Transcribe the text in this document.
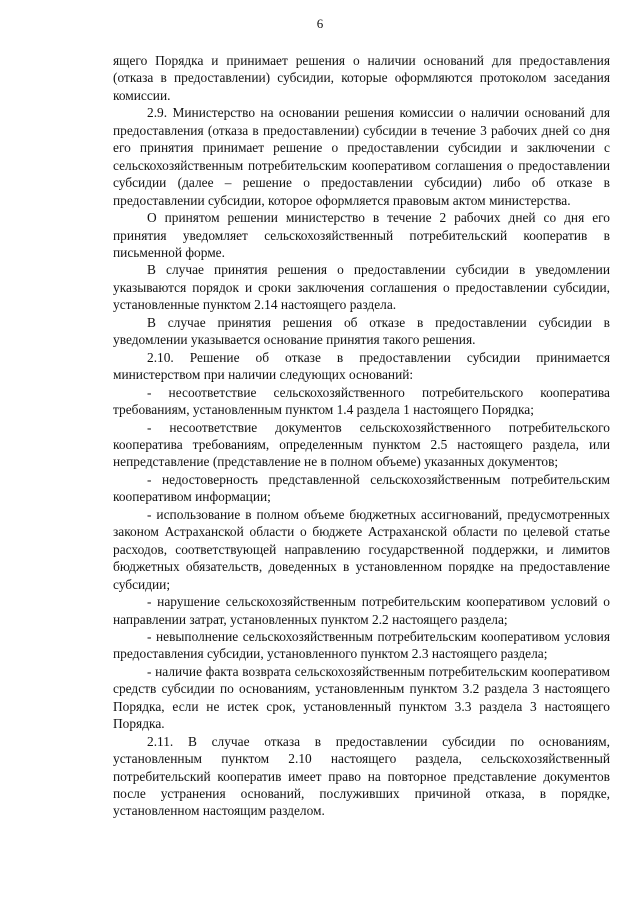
6

ящего Порядка и принимает решения о наличии оснований для предоставления (отказа в предоставлении) субсидии, которые оформляются протоколом заседания комиссии.

2.9. Министерство на основании решения комиссии о наличии оснований для предоставления (отказа в предоставлении) субсидии в течение 3 рабочих дней со дня его принятия принимает решение о предоставлении субсидии и заключении с сельскохозяйственным потребительским кооперативом соглашения о предоставлении субсидии (далее – решение о предоставлении субсидии) либо об отказе в предоставлении субсидии, которое оформляется правовым актом министерства.

О принятом решении министерство в течение 2 рабочих дней со дня его принятия уведомляет сельскохозяйственный потребительский кооператив в письменной форме.

В случае принятия решения о предоставлении субсидии в уведомлении указываются порядок и сроки заключения соглашения о предоставлении субсидии, установленные пунктом 2.14 настоящего раздела.

В случае принятия решения об отказе в предоставлении субсидии в уведомлении указывается основание принятия такого решения.

2.10. Решение об отказе в предоставлении субсидии принимается министерством при наличии следующих оснований:

- несоответствие сельскохозяйственного потребительского кооператива требованиям, установленным пунктом 1.4 раздела 1 настоящего Порядка;

- несоответствие документов сельскохозяйственного потребительского кооператива требованиям, определенным пунктом 2.5 настоящего раздела, или непредставление (представление не в полном объеме) указанных документов;

- недостоверность представленной сельскохозяйственным потребительским кооперативом информации;

- использование в полном объеме бюджетных ассигнований, предусмотренных законом Астраханской области о бюджете Астраханской области по целевой статье расходов, соответствующей направлению государственной поддержки, и лимитов бюджетных обязательств, доведенных в установленном порядке на предоставление субсидии;

- нарушение сельскохозяйственным потребительским кооперативом условий о направлении затрат, установленных пунктом 2.2 настоящего раздела;

- невыполнение сельскохозяйственным потребительским кооперативом условия предоставления субсидии, установленного пунктом 2.3 настоящего раздела;

- наличие факта возврата сельскохозяйственным потребительским кооперативом средств субсидии по основаниям, установленным пунктом 3.2 раздела 3 настоящего Порядка, если не истек срок, установленный пунктом 3.3 раздела 3 настоящего Порядка.

2.11. В случае отказа в предоставлении субсидии по основаниям, установленным пунктом 2.10 настоящего раздела, сельскохозяйственный потребительский кооператив имеет право на повторное представление документов после устранения оснований, послуживших причиной отказа, в порядке, установленном настоящим разделом.
